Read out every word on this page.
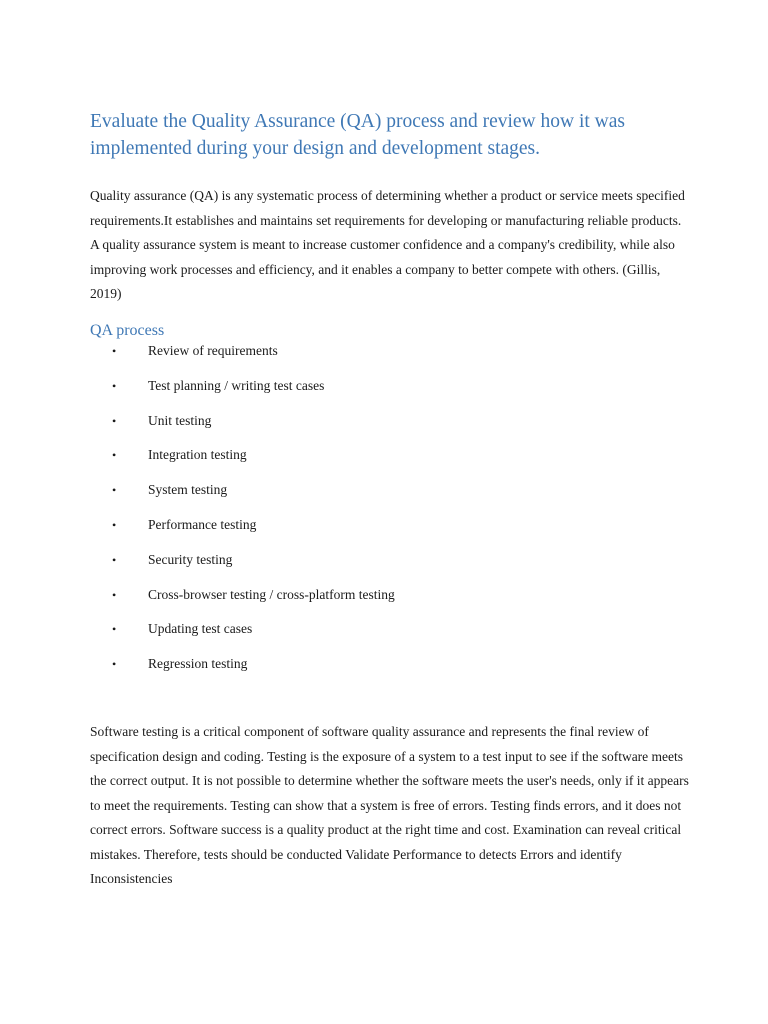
Evaluate the Quality Assurance (QA) process and review how it was implemented during your design and development stages.

Quality assurance (QA) is any systematic process of determining whether a product or service meets specified requirements.It establishes and maintains set requirements for developing or manufacturing reliable products. A quality assurance system is meant to increase customer confidence and a company's credibility, while also improving work processes and efficiency, and it enables a company to better compete with others. (Gillis, 2019)

QA process
•	Review of requirements
•	Test planning / writing test cases
•	Unit testing
•	Integration testing
•	System testing
•	Performance testing
•	Security testing
•	Cross-browser testing / cross-platform testing
•	Updating test cases
•	Regression testing

Software testing is a critical component of software quality assurance and represents the final review of specification design and coding. Testing is the exposure of a system to a test input to see if the software meets the correct output. It is not possible to determine whether the software meets the user's needs, only if it appears to meet the requirements. Testing can show that a system is free of errors. Testing finds errors, and it does not correct errors. Software success is a quality product at the right time and cost. Examination can reveal critical mistakes. Therefore, tests should be conducted Validate Performance to detects Errors and identify Inconsistencies
